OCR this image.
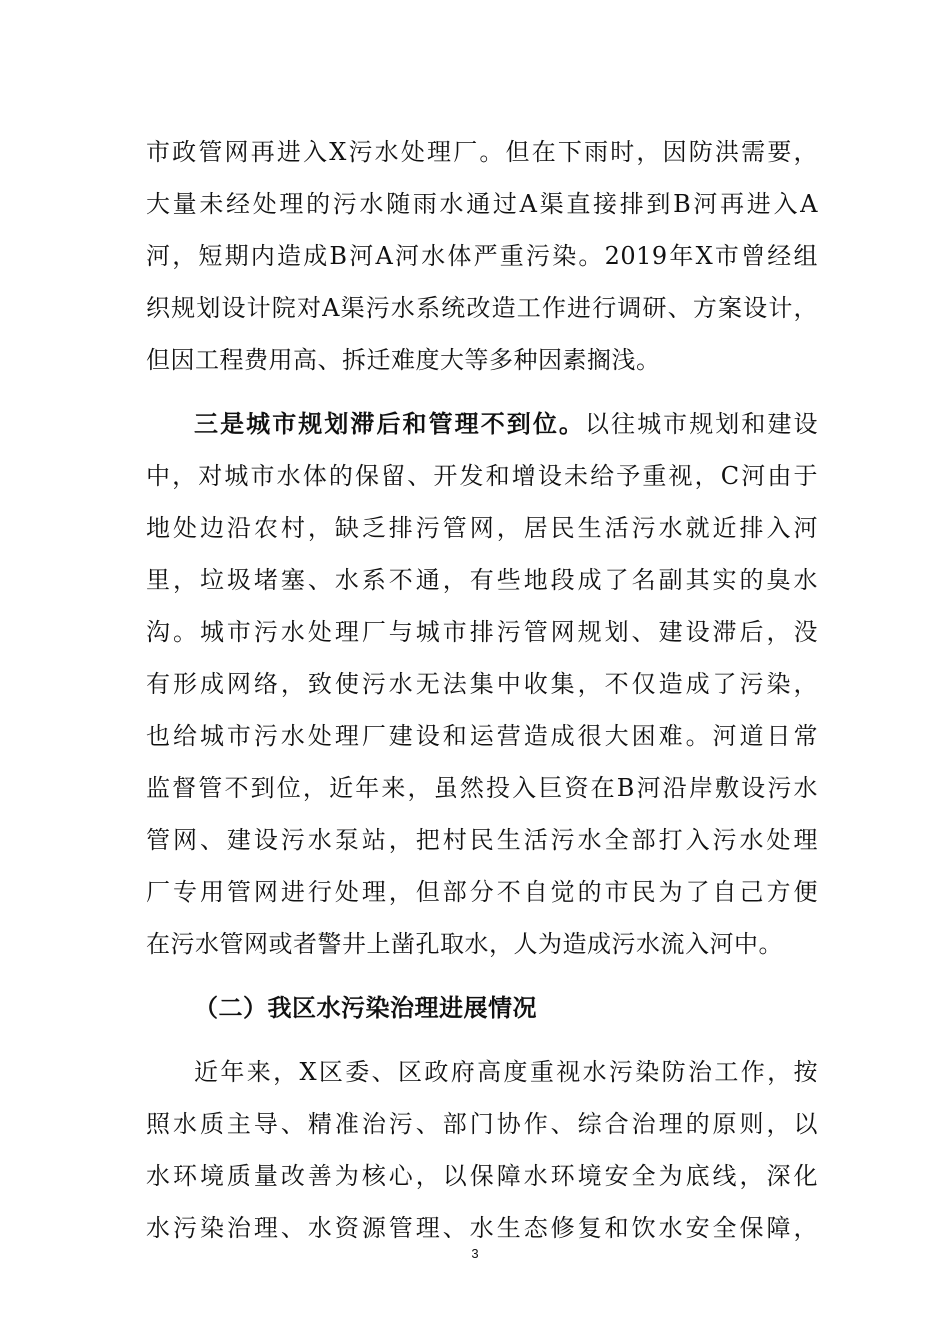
市政管网再进入X污水处理厂。但在下雨时，因防洪需要，
大量未经处理的污水随雨水通过A渠直接排到B河再进入A
河，短期内造成B河A河水体严重污染。2019年X市曾经组
织规划设计院对A渠污水系统改造工作进行调研、方案设计，
但因工程费用高、拆迁难度大等多种因素搁浅。
三是城市规划滞后和管理不到位。以往城市规划和建设
中，对城市水体的保留、开发和增设未给予重视，C河由于
地处边沿农村，缺乏排污管网，居民生活污水就近排入河
里，垃圾堵塞、水系不通，有些地段成了名副其实的臭水
沟。城市污水处理厂与城市排污管网规划、建设滞后，没
有形成网络，致使污水无法集中收集，不仅造成了污染，
也给城市污水处理厂建设和运营造成很大困难。河道日常
监督管不到位，近年来，虽然投入巨资在B河沿岸敷设污水
管网、建设污水泵站，把村民生活污水全部打入污水处理
厂专用管网进行处理，但部分不自觉的市民为了自己方便
在污水管网或者警井上凿孔取水，人为造成污水流入河中。
（二）我区水污染治理进展情况
近年来，X区委、区政府高度重视水污染防治工作，按
照水质主导、精准治污、部门协作、综合治理的原则，以
水环境质量改善为核心，以保障水环境安全为底线，深化
水污染治理、水资源管理、水生态修复和饮水安全保障，
3
